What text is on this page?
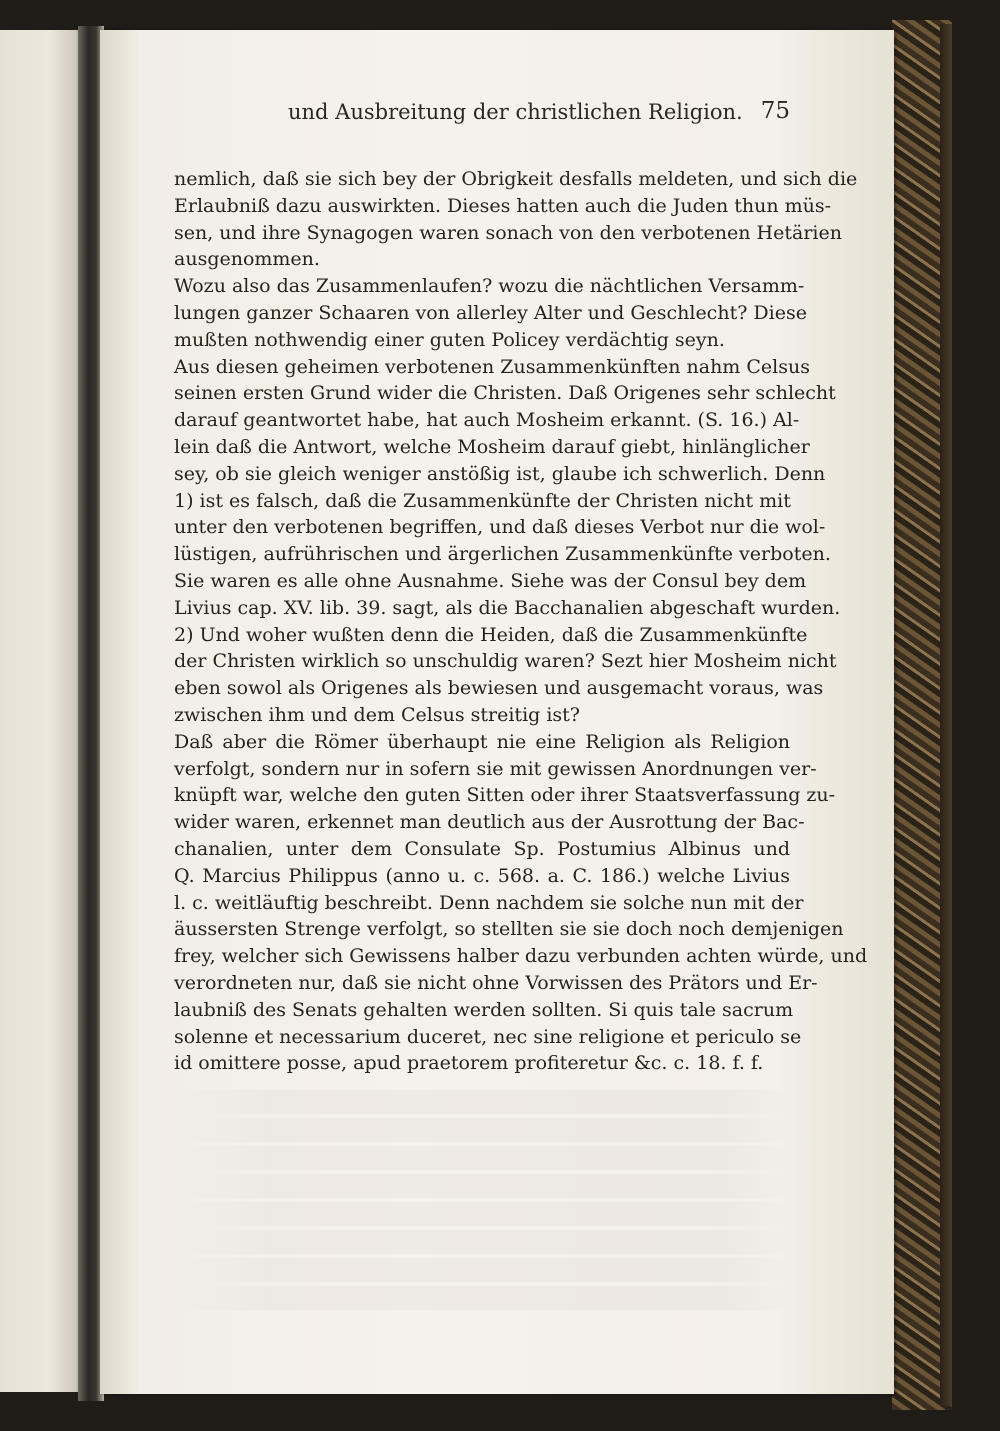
und Ausbreitung der christlichen Religion. 75
nemlich, daß sie sich bey der Obrigkeit desfalls meldeten, und sich die
Erlaubniß dazu auswirkten. Dieses hatten auch die Juden thun müs-
sen, und ihre Synagogen waren sonach von den verbotenen Hetärien
ausgenommen.
Wozu also das Zusammenlaufen? wozu die nächtlichen Versamm-
lungen ganzer Schaaren von allerley Alter und Geschlecht? Diese
mußten nothwendig einer guten Policey verdächtig seyn.
Aus diesen geheimen verbotenen Zusammenkünften nahm Celsus
seinen ersten Grund wider die Christen. Daß Origenes sehr schlecht
darauf geantwortet habe, hat auch Mosheim erkannt. (S. 16.) Al-
lein daß die Antwort, welche Mosheim darauf giebt, hinlänglicher
sey, ob sie gleich weniger anstößig ist, glaube ich schwerlich. Denn
1) ist es falsch, daß die Zusammenkünfte der Christen nicht mit
unter den verbotenen begriffen, und daß dieses Verbot nur die wol-
lüstigen, aufrührischen und ärgerlichen Zusammenkünfte verboten.
Sie waren es alle ohne Ausnahme. Siehe was der Consul bey dem
Livius cap. XV. lib. 39. sagt, als die Bacchanalien abgeschaft wurden.
2) Und woher wußten denn die Heiden, daß die Zusammenkünfte
der Christen wirklich so unschuldig waren? Sezt hier Mosheim nicht
eben sowol als Origenes als bewiesen und ausgemacht voraus, was
zwischen ihm und dem Celsus streitig ist?
Daß aber die Römer überhaupt nie eine Religion als Religion
verfolgt, sondern nur in sofern sie mit gewissen Anordnungen ver-
knüpft war, welche den guten Sitten oder ihrer Staatsverfassung zu-
wider waren, erkennet man deutlich aus der Ausrottung der Bac-
chanalien, unter dem Consulate Sp. Postumius Albinus und
Q. Marcius Philippus (anno u. c. 568. a. C. 186.) welche Livius
l. c. weitläuftig beschreibt. Denn nachdem sie solche nun mit der
äussersten Strenge verfolgt, so stellten sie sie doch noch demjenigen
frey, welcher sich Gewissens halber dazu verbunden achten würde, und
verordneten nur, daß sie nicht ohne Vorwissen des Prätors und Er-
laubniß des Senats gehalten werden sollten. Si quis tale sacrum
solenne et necessarium duceret, nec sine religione et periculo se
id omittere posse, apud praetorem profiteretur &c. c. 18. f. f.
